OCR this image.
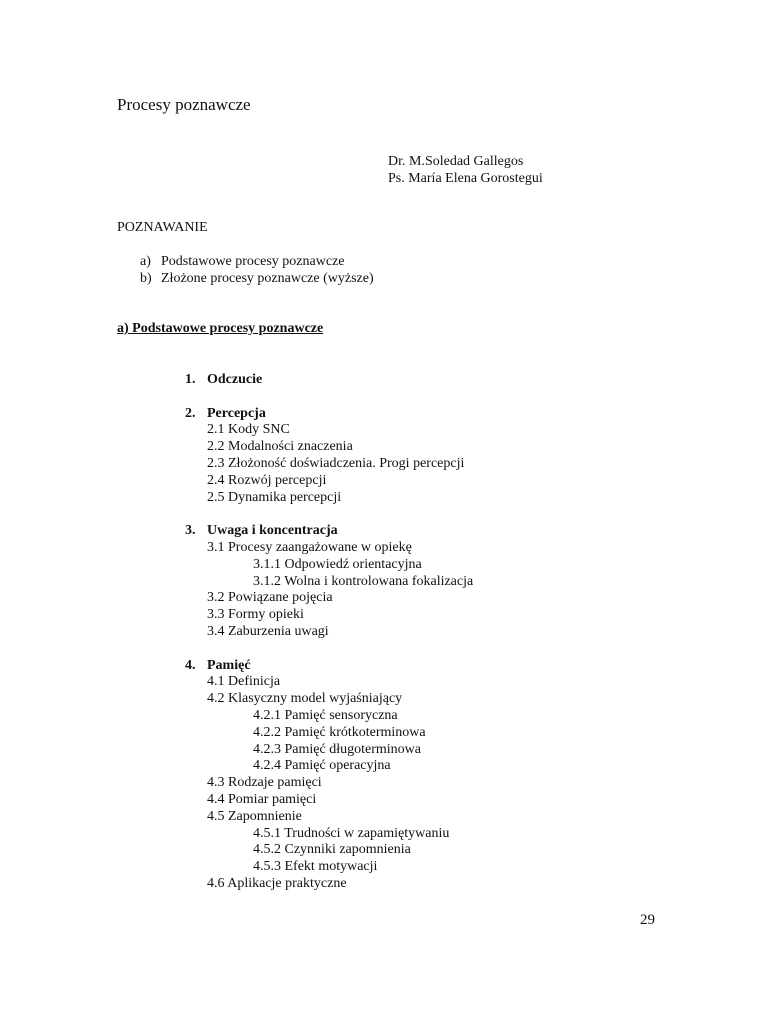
Procesy poznawcze
Dr. M.Soledad Gallegos
Ps. María Elena Gorostegui
POZNAWANIE
a) Podstawowe procesy poznawcze
b) Złożone procesy poznawcze (wyższe)
a) Podstawowe procesy poznawcze
1. Odczucie
2. Percepcja
2.1 Kody SNC
2.2 Modalności znaczenia
2.3 Złożoność doświadczenia. Progi percepcji
2.4 Rozwój percepcji
2.5 Dynamika percepcji
3. Uwaga i koncentracja
3.1 Procesy zaangażowane w opiekę
3.1.1 Odpowiedź orientacyjna
3.1.2 Wolna i kontrolowana fokalizacja
3.2 Powiązane pojęcia
3.3 Formy opieki
3.4 Zaburzenia uwagi
4. Pamięć
4.1 Definicja
4.2 Klasyczny model wyjaśniający
4.2.1 Pamięć sensoryczna
4.2.2 Pamięć krótkoterminowa
4.2.3 Pamięć długoterminowa
4.2.4 Pamięć operacyjna
4.3 Rodzaje pamięci
4.4 Pomiar pamięci
4.5 Zapomnienie
4.5.1 Trudności w zapamiętywaniu
4.5.2 Czynniki zapomnienia
4.5.3 Efekt motywacji
4.6 Aplikacje praktyczne
29
